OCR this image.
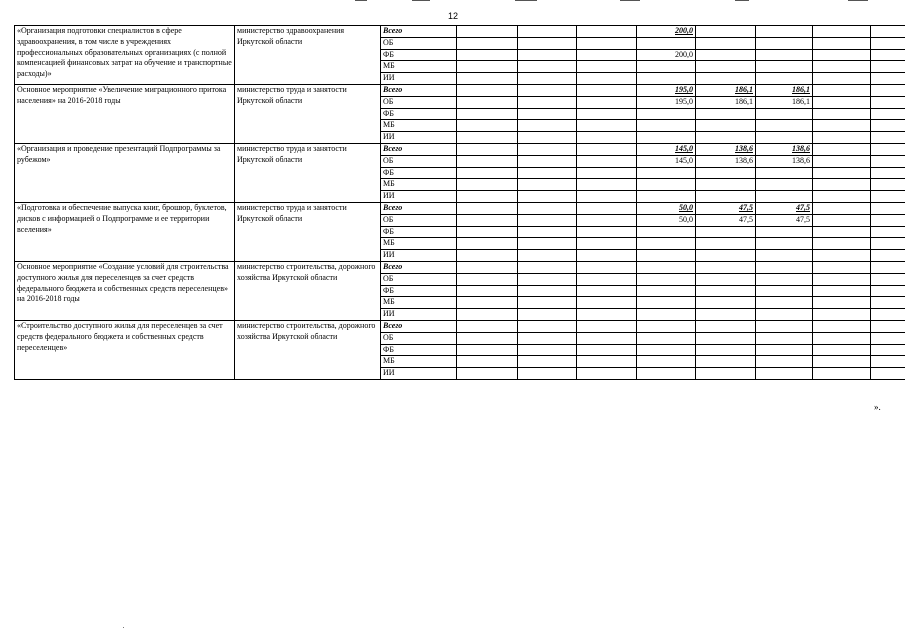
12
«Организация подготовки специалистов в сфере здравоохранения, в том числе в учреждениях профессиональных образовательных организациях (с полной компенсацией финансовых затрат на обучение и транспортные расходы)»	министерство здравоохранения Иркутской области	Всего				200,0				
		ОБ								
		ФБ				200,0				
		МБ								
		ИИ								
Основное мероприятие «Увеличение миграционного притока населения» на 2016-2018 годы	министерство труда и занятости Иркутской области	Всего				195,0	186,1	186,1		
		ОБ				195,0	186,1	186,1		
		ФБ								
		МБ								
		ИИ								
«Организация и проведение презентаций Подпрограммы за рубежом»	министерство труда и занятости Иркутской области	Всего				145,0	138,6	138,6		
		ОБ				145,0	138,6	138,6		
		ФБ								
		МБ								
		ИИ								
«Подготовка и обеспечение выпуска книг, брошюр, буклетов, дисков с информацией о Подпрограмме и ее территории вселения»	министерство труда и занятости Иркутской области	Всего				50,0	47,5	47,5		
		ОБ				50,0	47,5	47,5		
		ФБ								
		МБ								
		ИИ								
Основное мероприятие «Создание условий для строительства доступного жилья для переселенцев за счет средств федерального бюджета и собственных средств переселенцев» на 2016-2018 годы	министерство строительства, дорожного хозяйства Иркутской области	Всего								
		ОБ								
		ФБ								
		МБ								
		ИИ								
«Строительство доступного жилья для переселенцев за счет средств федерального бюджета и собственных средств переселенцев»	министерство строительства, дорожного хозяйства Иркутской области	Всего								
		ОБ								
		ФБ								
		МБ								
		ИИ								
».
